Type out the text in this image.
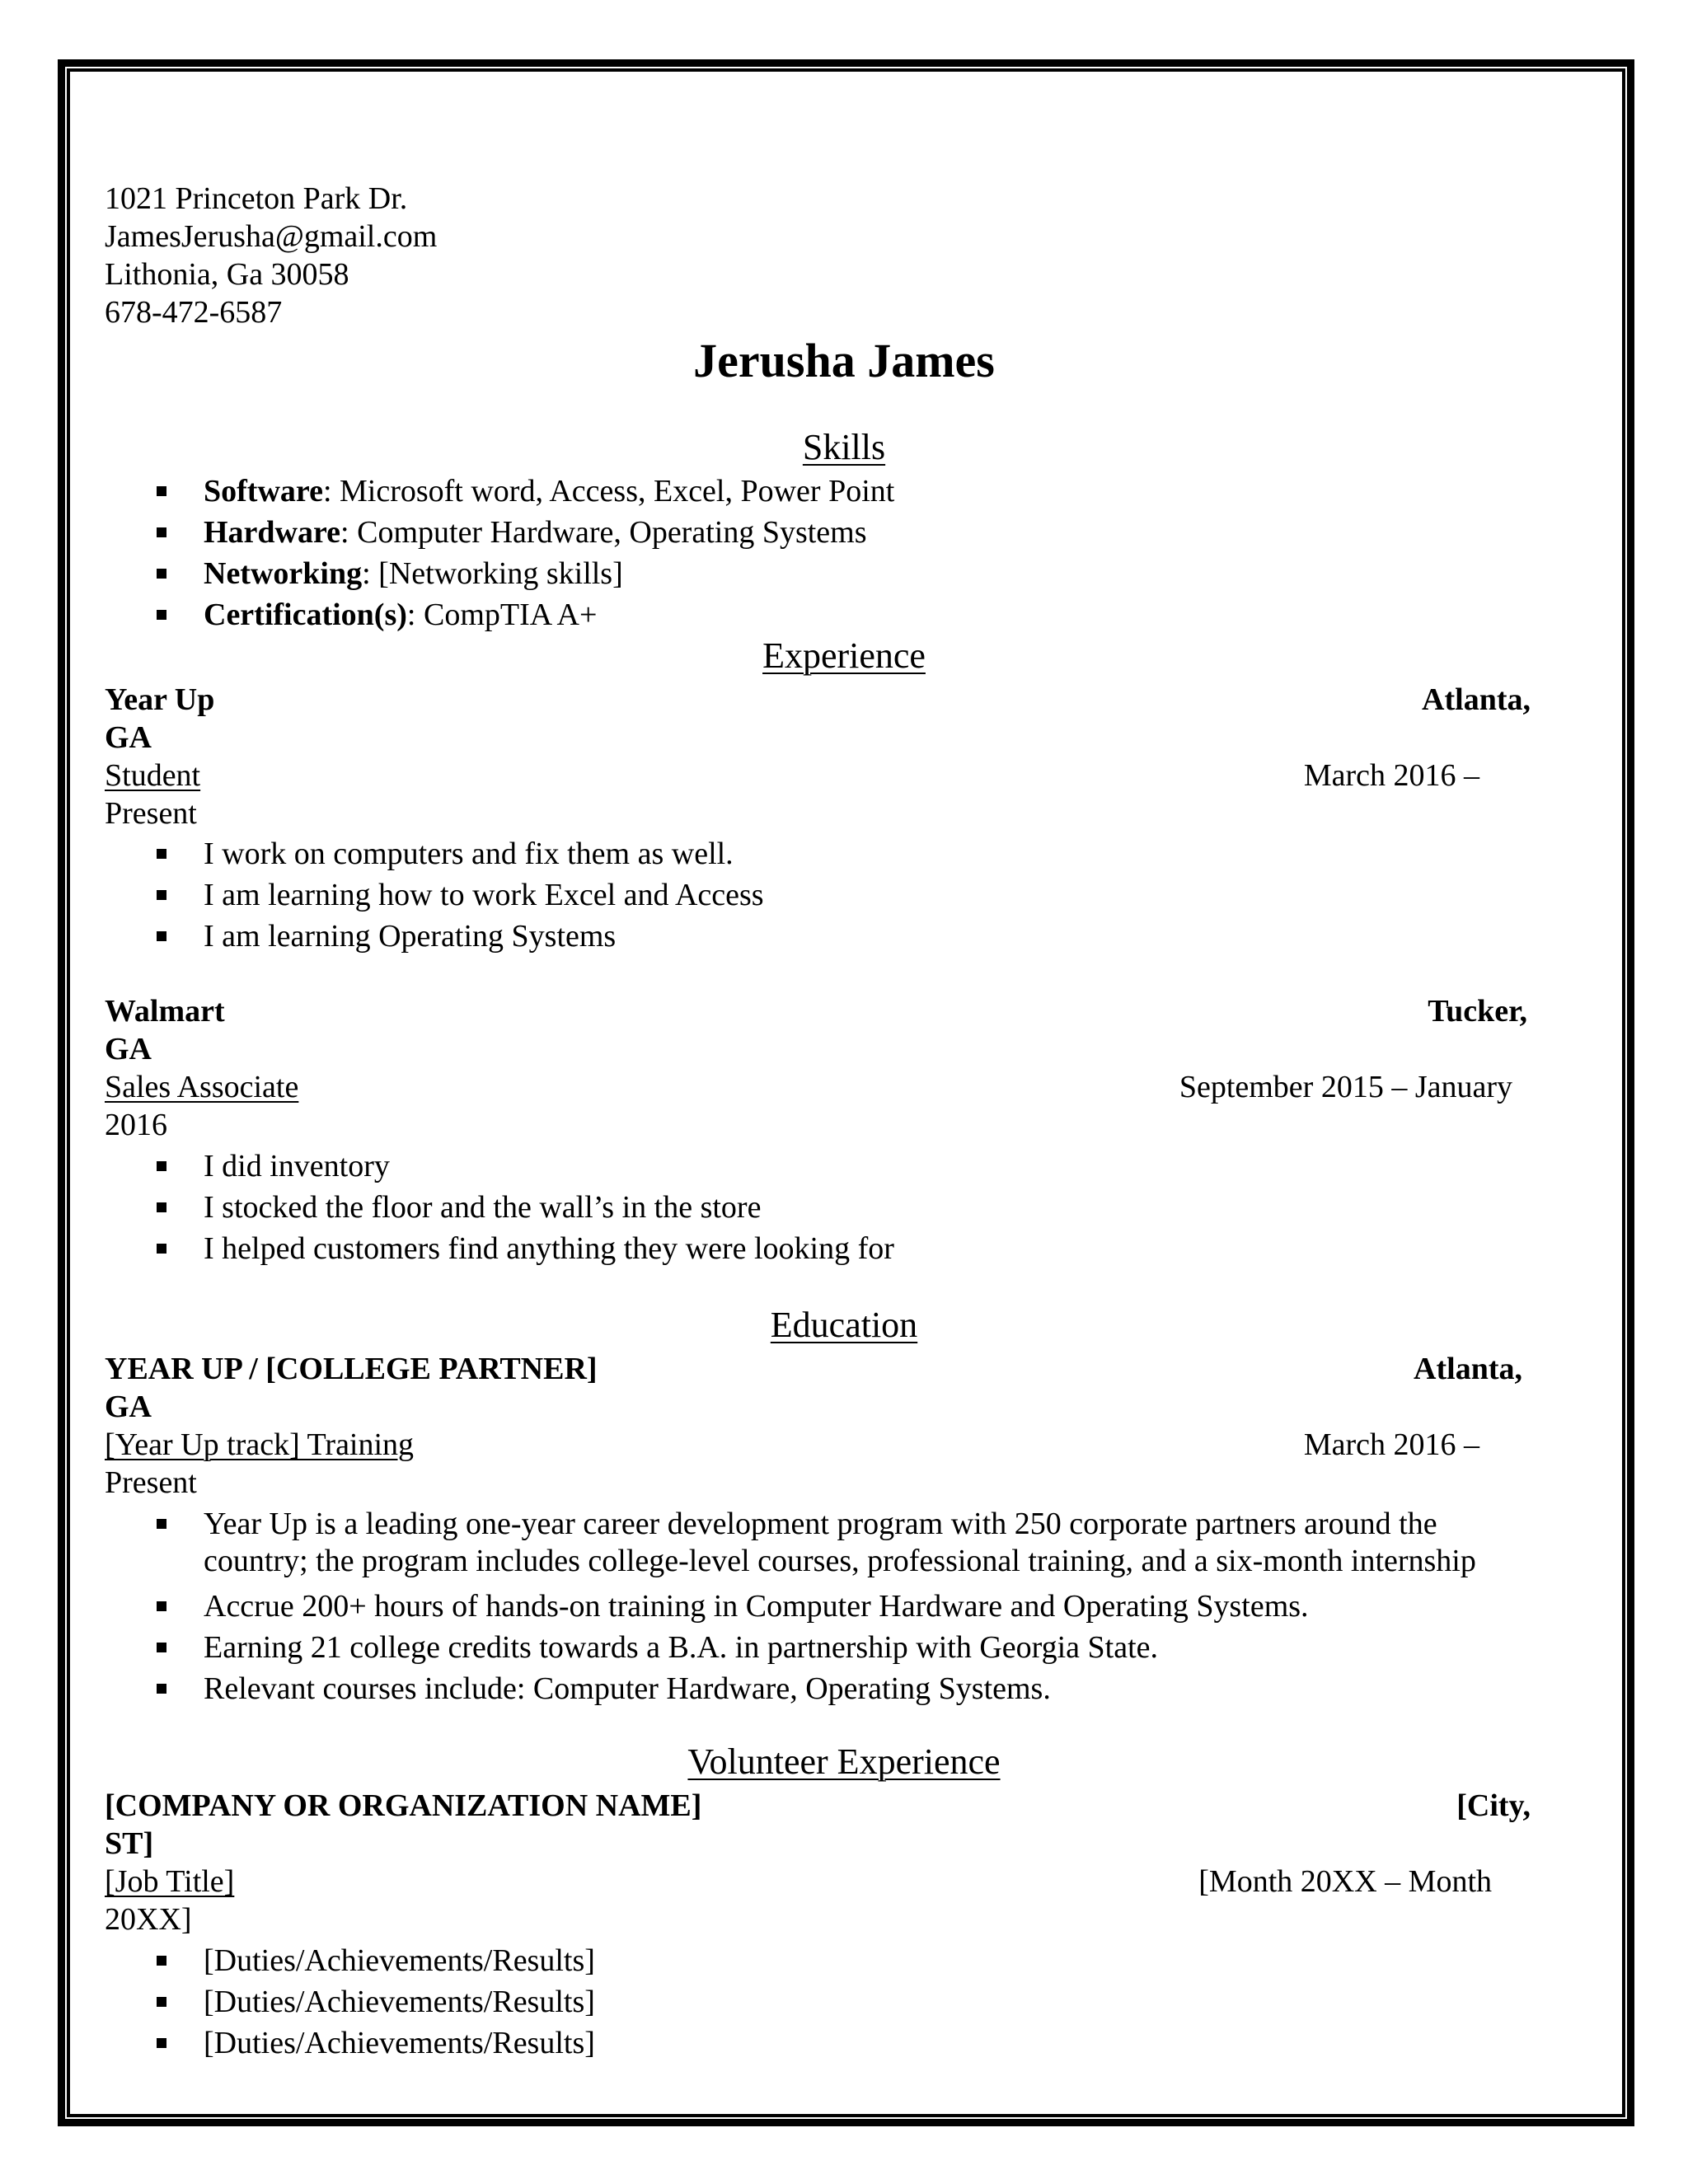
1021 Princeton Park Dr.
JamesJerusha@gmail.com
Lithonia, Ga 30058
678-472-6587
Jerusha James
Skills
Software: Microsoft word, Access, Excel, Power Point
Hardware: Computer Hardware, Operating Systems
Networking: [Networking skills]
Certification(s): CompTIA A+
Experience
Year Up	Atlanta,
GA
Student	March 2016 –
Present
I work on computers and fix them as well.
I am learning how to work Excel and Access
I am learning Operating Systems
Walmart	Tucker,
GA
Sales Associate	September 2015 – January
2016
I did inventory
I stocked the floor and the wall’s in the store
I helped customers find anything they were looking for
Education
YEAR UP / [COLLEGE PARTNER]	Atlanta,
GA
[Year Up track] Training	March 2016 –
Present
Year Up is a leading one-year career development program with 250 corporate partners around the
country; the program includes college-level courses, professional training, and a six-month internship
Accrue 200+ hours of hands-on training in Computer Hardware and Operating Systems.
Earning 21 college credits towards a B.A. in partnership with Georgia State.
Relevant courses include: Computer Hardware, Operating Systems.
Volunteer Experience
[COMPANY OR ORGANIZATION NAME]	[City,
ST]
[Job Title]	[Month 20XX – Month
20XX]
[Duties/Achievements/Results]
[Duties/Achievements/Results]
[Duties/Achievements/Results]
